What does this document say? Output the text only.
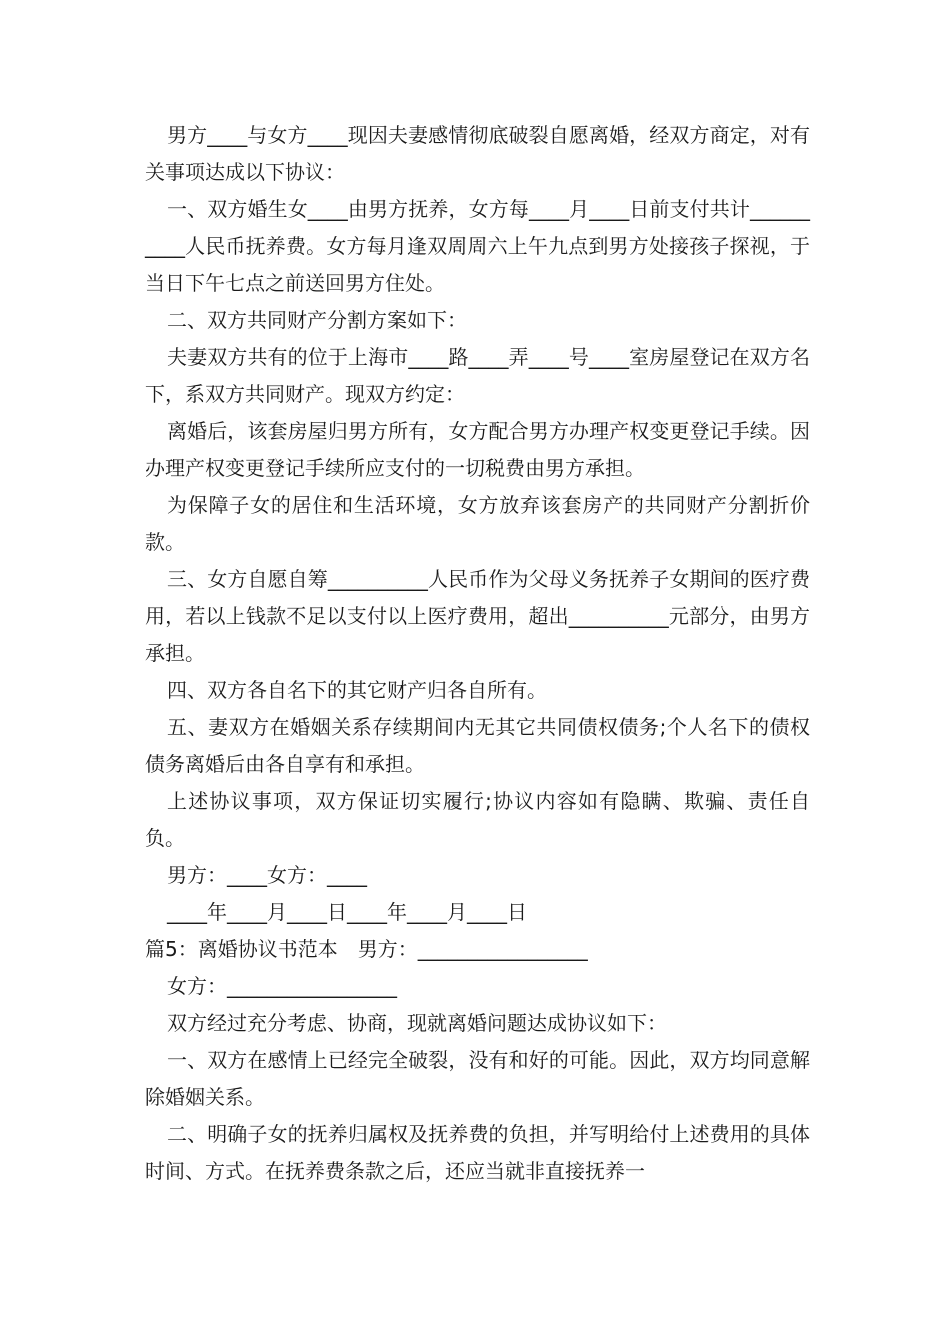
男方____与女方____现因夫妻感情彻底破裂自愿离婚，经双方商定，对有关事项达成以下协议：

一、双方婚生女____由男方抚养，女方每____月____日前支付共计__________人民币抚养费。女方每月逢双周周六上午九点到男方处接孩子探视，于当日下午七点之前送回男方住处。

二、双方共同财产分割方案如下：

夫妻双方共有的位于上海市____路____弄____号____室房屋登记在双方名下，系双方共同财产。现双方约定：

离婚后，该套房屋归男方所有，女方配合男方办理产权变更登记手续。因办理产权变更登记手续所应支付的一切税费由男方承担。

为保障子女的居住和生活环境，女方放弃该套房产的共同财产分割折价款。

三、女方自愿自筹__________人民币作为父母义务抚养子女期间的医疗费用，若以上钱款不足以支付以上医疗费用，超出__________元部分，由男方承担。

四、双方各自名下的其它财产归各自所有。

五、妻双方在婚姻关系存续期间内无其它共同债权债务;个人名下的债权债务离婚后由各自享有和承担。

上述协议事项，双方保证切实履行;协议内容如有隐瞒、欺骗、责任自负。

男方：____女方：____

____年____月____日____年____月____日

篇5：离婚协议书范本　男方：_________________

女方：_________________

双方经过充分考虑、协商，现就离婚问题达成协议如下：

一、双方在感情上已经完全破裂，没有和好的可能。因此，双方均同意解除婚姻关系。

二、明确子女的抚养归属权及抚养费的负担，并写明给付上述费用的具体时间、方式。在抚养费条款之后，还应当就非直接抚养一
